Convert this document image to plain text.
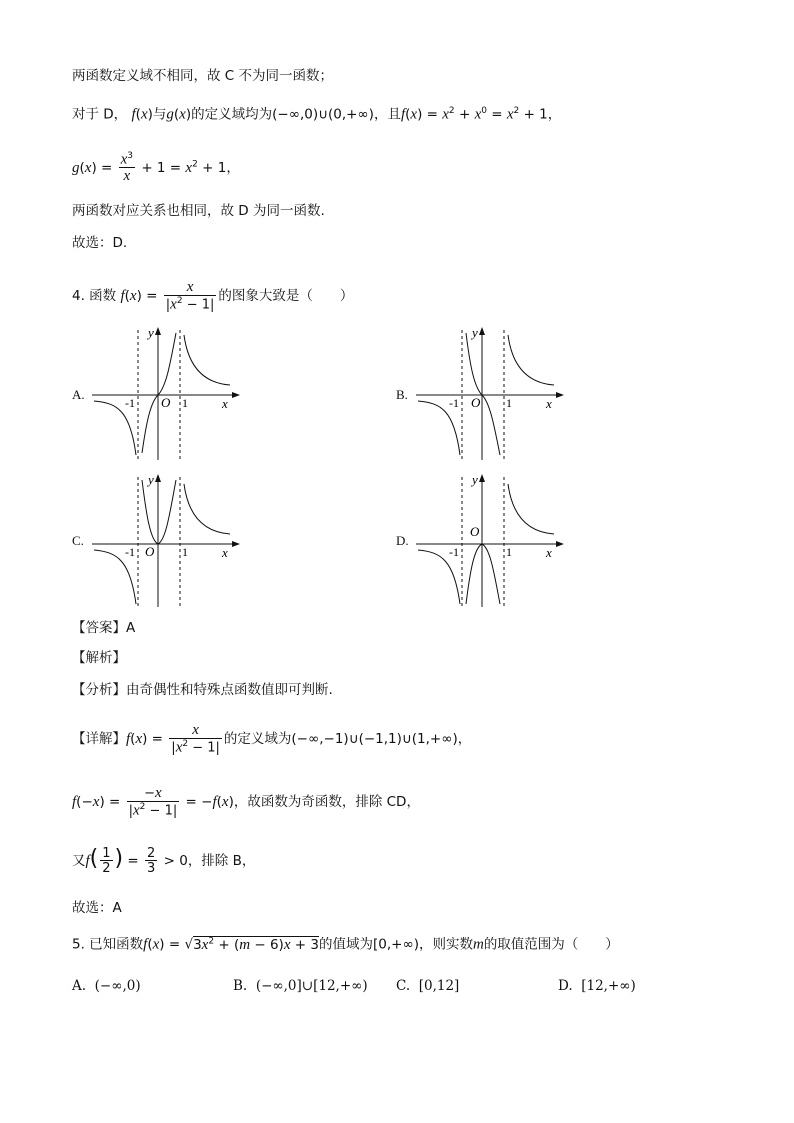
两函数定义域不相同，故 C 不为同一函数；
对于 D， f(x)与g(x)的定义域均为(−∞,0)∪(0,+∞)，且$f(x) = x^2 + x^0 = x^2 + 1$，
$g(x) = \frac{x^3}{x} + 1 = x^2 + 1$，
两函数对应关系也相同，故 D 为同一函数.
故选：D.
4. 函数 $f(x) = \frac{x}{|x^2 - 1|}$ 的图象大致是（　　）
A.	B.
C.	D.
y
x
O
-1	1
y
x
O
-1	1
y
x
O
-1	1
y
x
O
-1	1
【答案】A
【解析】
【分析】由奇偶性和特殊点函数值即可判断.
【详解】$f(x) = \frac{x}{|x^2 - 1|}$ 的定义域为(−∞,−1)∪(−1,1)∪(1,+∞)，
$f(-x) = \frac{-x}{|x^2 - 1|} = -f(x)$，故函数为奇函数，排除 CD，
又$f( \frac{1}{2}$ ) = $\frac{2}{3} > 0$，排除 B，
故选：A
5. 已知函数$f(x) = √3x^2 + (m - 6)x + 3$的值域为[0,+∞)，则实数m的取值范围为（　　）
A. (−∞,0)	B. (−∞,0]∪[12,+∞) C. [0,12]	D. [12,+∞)
